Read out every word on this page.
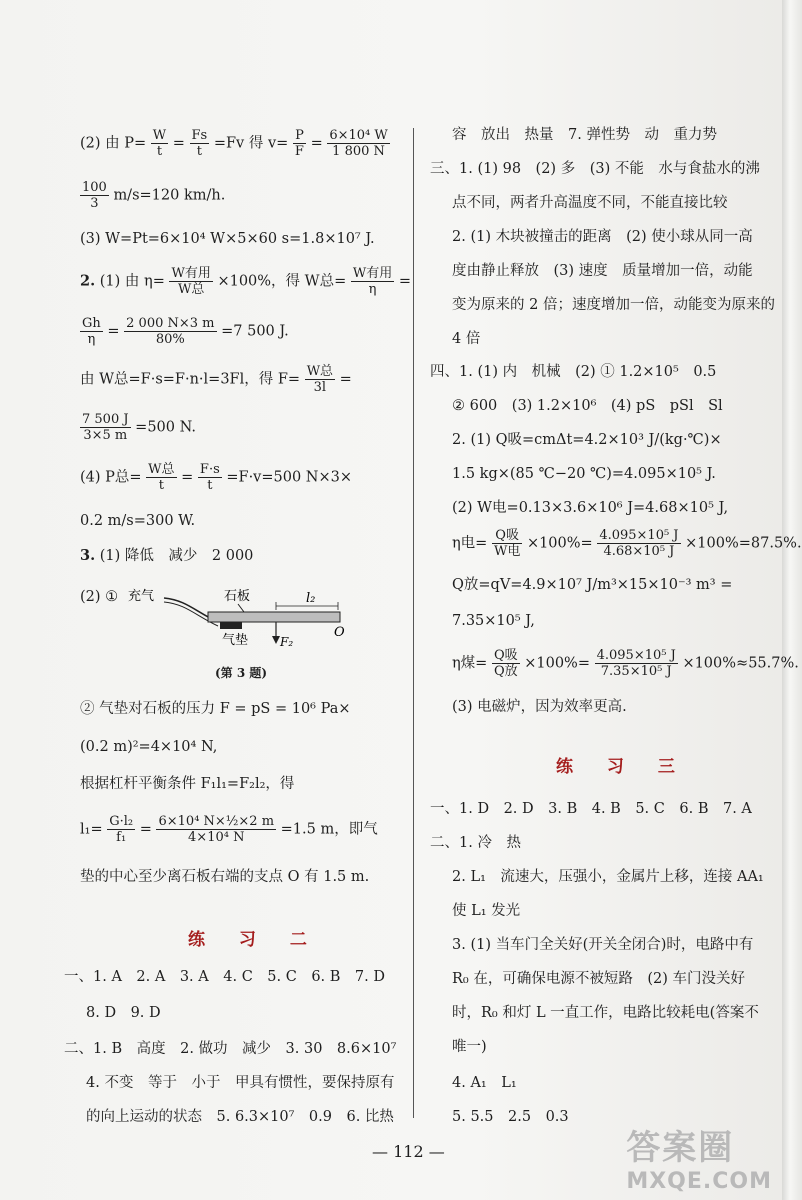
(2) 由 $P= \frac{W}{t} = \frac{Fs}{t} =Fv$ 得 $v= \frac{P}{F} = \frac{\text{6×10⁴ W}}{1 800 N}$
$\frac{100}{3} m/s=120$ km/h.
(3) W=Pt=6×10⁴ W×5×60 s=1.8×10⁷ J.
2. (1) 由 $\eta= \frac{\text{W有用}}{\text{W总}} \times 100\%$，得 W总= $\frac{\text{W有用}}{\eta}$ =
$\frac{Gh}{\eta} = \frac{2 000 N\times 3 m}{80\%} =7$ 500 J.
由 W总=F·s=F·n·l=3Fl，得 $F= \frac{\text{W总}}{3l}$ =
$\frac{7 500 J}{3\times 5 m} =500$ N.
(4) P总= $\frac{\text{W总}}{t} = \frac{F\cdot s}{t} =F\cdot v=500$ N×3×
0.2 m/s=300 W.
3. (1) 降低　减少　2 000
(2) ① 充气	石板	l₂
气垫	F₂
O
(第 3 题)
② 气垫对石板的压力 F = pS = 10⁶ Pa×
(0.2 m)²=4×10⁴ N,
根据杠杆平衡条件 F₁l₁=F₂l₂，得
$l_1= \frac{\text{G·l₂}}{\text{f₁}} = \frac{\text{6×10⁴ N×½×2 m}}{\text{4×10⁴ N}} =1.5$ m，即气
垫的中心至少离石板右端的支点 O 有 1.5 m.
练 习 二
一、1. A　2. A　3. A　4. C　5. C　6. B　7. D
8. D　9. D
二、1. B　高度　2. 做功　减少　3. 30　8.6×10⁷
4. 不变　等于　小于　甲具有惯性，要保持原有
的向上运动的状态　5. 6.3×10⁷　0.9　6. 比热
容　放出　热量　7. 弹性势　动　重力势
三、1. (1) 98　(2) 多　(3) 不能　水与食盐水的沸
点不同，两者升高温度不同，不能直接比较
2. (1) 木块被撞击的距离　(2) 使小球从同一高
度由静止释放　(3) 速度　质量增加一倍，动能
变为原来的 2 倍；速度增加一倍，动能变为原来的
4 倍
四、1. (1) 内　机械　(2) ① 1.2×10⁵　0.5
② 600　(3) 1.2×10⁶　(4) pS　pSl　Sl
2. (1) Q吸=cmΔt=4.2×10³ J/(kg·℃)×
1.5 kg×(85 ℃−20 ℃)=4.095×10⁵ J.
(2) W电=0.13×3.6×10⁶ J=4.68×10⁵ J,
η电= $\frac{\text{Q吸}}{\text{W电}} \times 100\%= \frac{\text{4.095×10⁵ J}}{\text{4.68×10⁵ J}} \times 100\%=87.5\%$.
Q放=qV=4.9×10⁷ J/m³×15×10⁻³ m³ =
7.35×10⁵ J,
η煤= $\frac{\text{Q吸}}{\text{Q放}} \times 100\%= \frac{\text{4.095×10⁵ J}}{\text{7.35×10⁵ J}} \times 100\%\approx 55.7\%$.
(3) 电磁炉，因为效率更高.
练 习 三
一、1. D　2. D　3. B　4. B　5. C　6. B　7. A
二、1. 冷　热
2. L₁　流速大，压强小，金属片上移，连接 AA₁
使 L₁ 发光
3. (1) 当车门全关好(开关全闭合)时，电路中有
R₀ 在，可确保电源不被短路　(2) 车门没关好
时，R₀ 和灯 L 一直工作，电路比较耗电(答案不
唯一)
4. A₁　L₁
5. 5.5　2.5　0.3
— 112 —	答案圈
MXQE.COM
